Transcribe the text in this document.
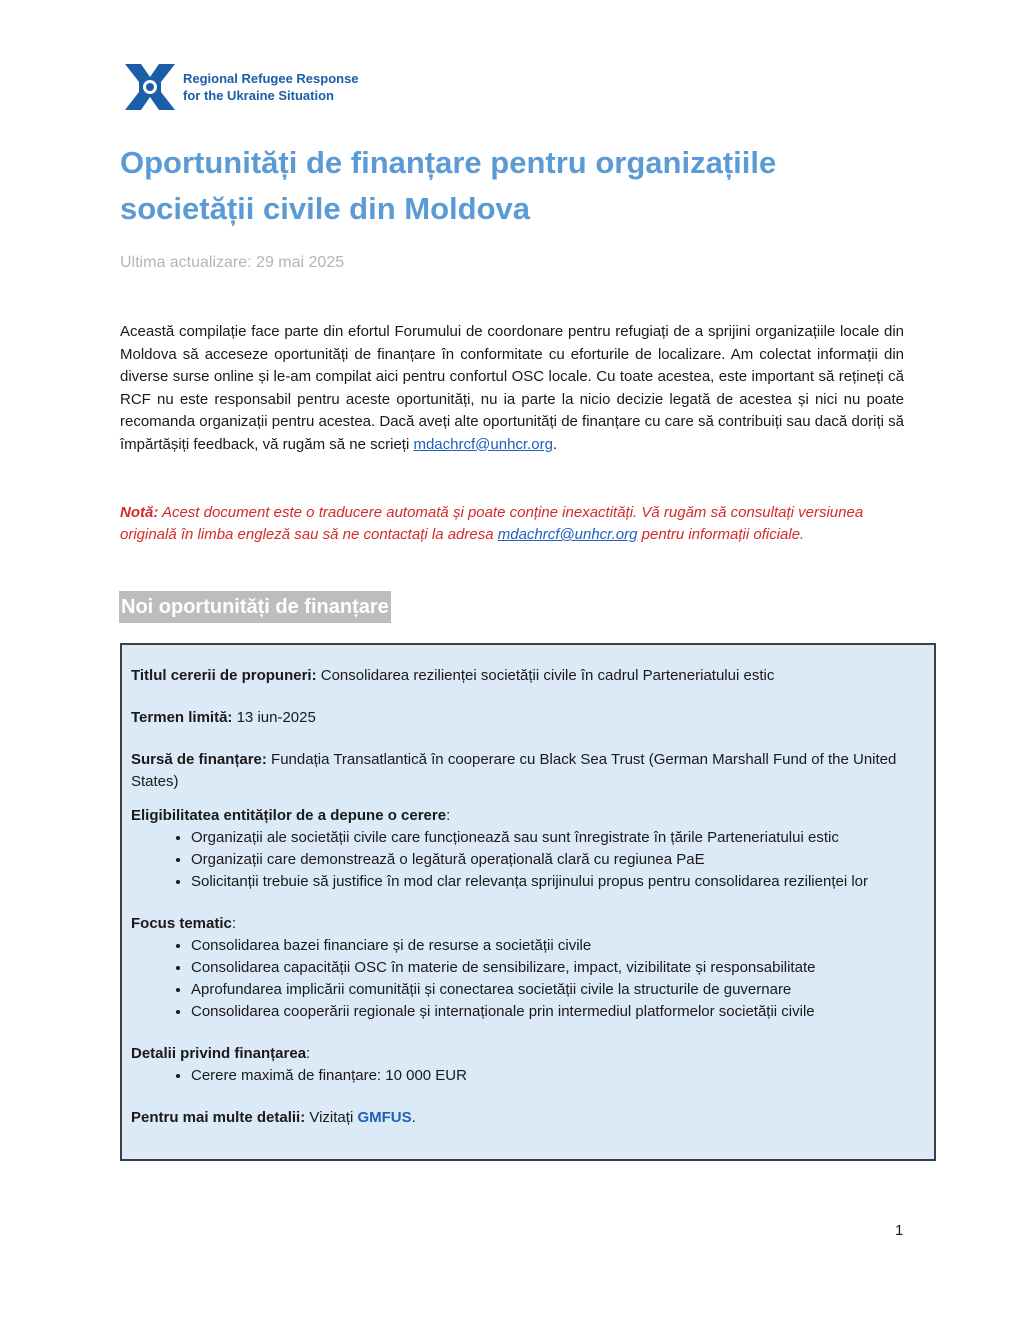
Regional Refugee Response
for the Ukraine Situation
Oportunități de finanțare pentru organizațiile societății civile din Moldova
Ultima actualizare: 29 mai 2025

Această compilație face parte din efortul Forumului de coordonare pentru refugiați de a sprijini organizațiile locale din Moldova să acceseze oportunități de finanțare în conformitate cu eforturile de localizare. Am colectat informații din diverse surse online și le-am compilat aici pentru confortul OSC locale. Cu toate acestea, este important să rețineți că RCF nu este responsabil pentru aceste oportunități, nu ia parte la nicio decizie legată de acestea și nici nu poate recomanda organizații pentru acestea. Dacă aveți alte oportunități de finanțare cu care să contribuiți sau dacă doriți să împărtășiți feedback, vă rugăm să ne scrieți mdachrcf@unhcr.org.

Notă: Acest document este o traducere automată și poate conține inexactități. Vă rugăm să consultați versiunea originală în limba engleză sau să ne contactați la adresa mdachrcf@unhcr.org pentru informații oficiale.

Noi oportunități de finanțare

Titlul cererii de propuneri: Consolidarea rezilienței societății civile în cadrul Parteneriatului estic

Termen limită: 13 iun-2025

Sursă de finanțare: Fundația Transatlantică în cooperare cu Black Sea Trust (German Marshall Fund of the United States)

Eligibilitatea entităților de a depune o cerere:

• Organizații ale societății civile care funcționează sau sunt înregistrate în țările Parteneriatului estic
• Organizații care demonstrează o legătură operațională clară cu regiunea PaE
• Solicitanții trebuie să justifice în mod clar relevanța sprijinului propus pentru consolidarea rezilienței lor

Focus tematic:

• Consolidarea bazei financiare și de resurse a societății civile
• Consolidarea capacității OSC în materie de sensibilizare, impact, vizibilitate și responsabilitate
• Aprofundarea implicării comunității și conectarea societății civile la structurile de guvernare
• Consolidarea cooperării regionale și internaționale prin intermediul platformelor societății civile

Detalii privind finanțarea:

• Cerere maximă de finanțare: 10 000 EUR

Pentru mai multe detalii: Vizitați GMFUS.

1
